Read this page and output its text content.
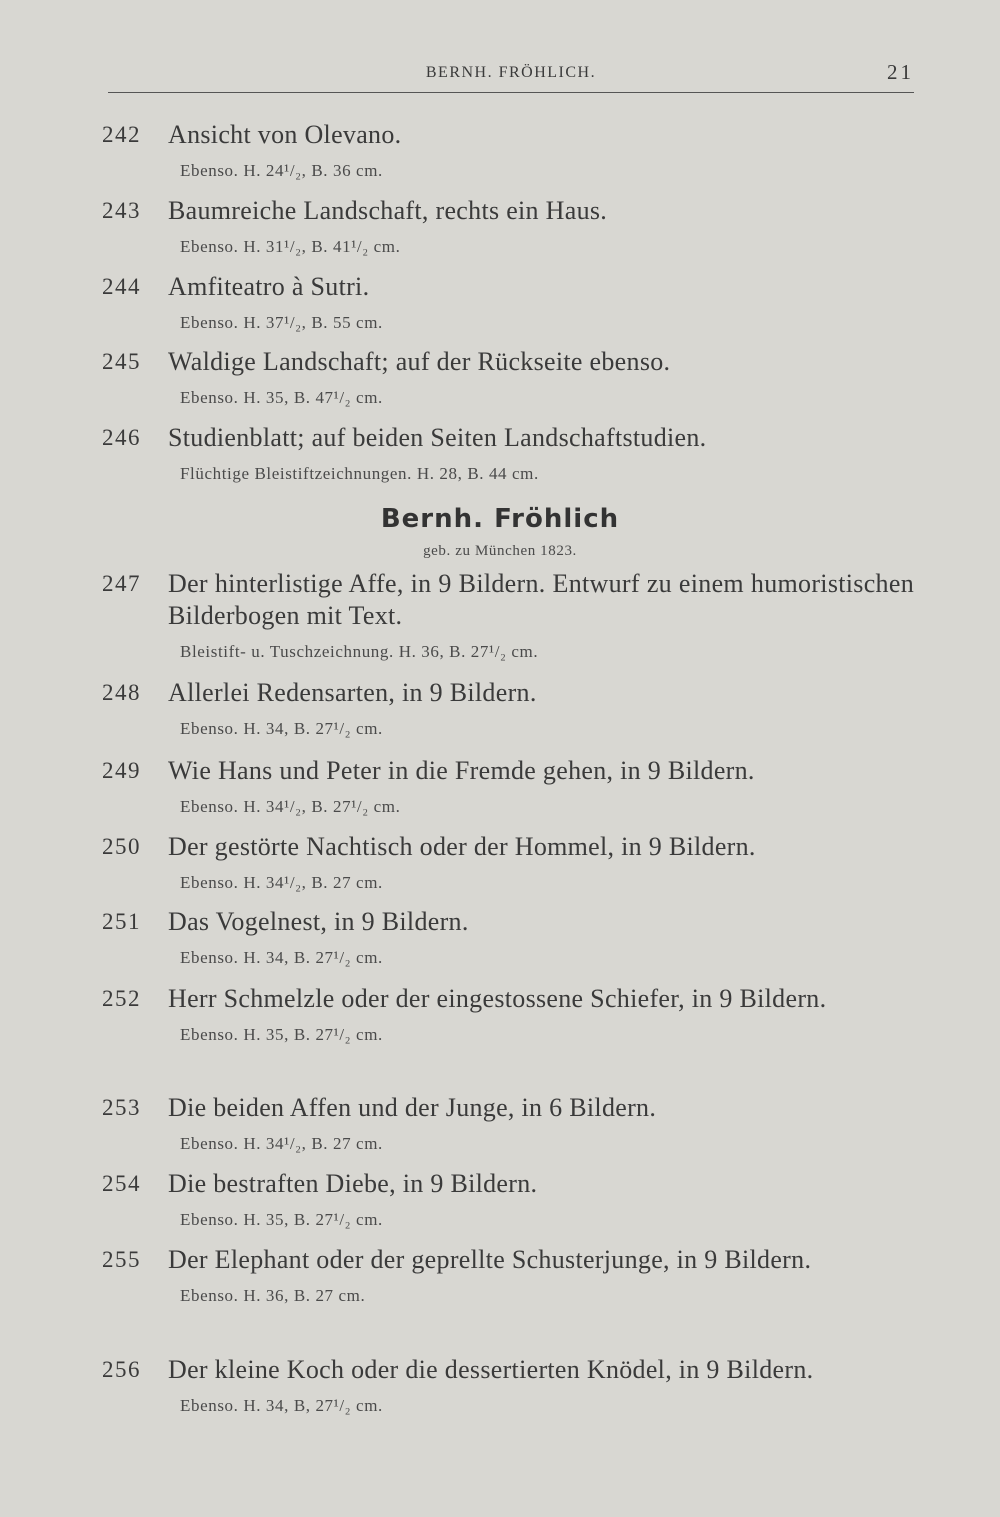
BERNH. FRÖHLICH.	21
242	Ansicht von Olevano.
Ebenso. H. 24¹/₂, B. 36 cm.
243	Baumreiche Landschaft, rechts ein Haus.
Ebenso. H. 31¹/₂, B. 41¹/₂ cm.
244	Amfiteatro à Sutri.
Ebenso. H. 37¹/₂, B. 55 cm.
245	Waldige Landschaft; auf der Rückseite ebenso.
Ebenso. H. 35, B. 47¹/₂ cm.
246	Studienblatt; auf beiden Seiten Landschaftstudien.
Flüchtige Bleistiftzeichnungen. H. 28, B. 44 cm.
Bernh. Fröhlich
geb. zu München 1823.
247	Der hinterlistige Affe, in 9 Bildern. Entwurf zu einem humoristischen Bilderbogen mit Text.
Bleistift- u. Tuschzeichnung. H. 36, B. 27¹/₂ cm.
248	Allerlei Redensarten, in 9 Bildern.
Ebenso. H. 34, B. 27¹/₂ cm.
249	Wie Hans und Peter in die Fremde gehen, in 9 Bildern.
Ebenso. H. 34¹/₂, B. 27¹/₂ cm.
250	Der gestörte Nachtisch oder der Hommel, in 9 Bildern.
Ebenso. H. 34¹/₂, B. 27 cm.
251	Das Vogelnest, in 9 Bildern.
Ebenso. H. 34, B. 27¹/₂ cm.
252	Herr Schmelzle oder der eingestossene Schiefer, in 9 Bildern.
Ebenso. H. 35, B. 27¹/₂ cm.
253	Die beiden Affen und der Junge, in 6 Bildern.
Ebenso. H. 34¹/₂, B. 27 cm.
254	Die bestraften Diebe, in 9 Bildern.
Ebenso. H. 35, B. 27¹/₂ cm.
255	Der Elephant oder der geprellte Schusterjunge, in 9 Bildern.
Ebenso. H. 36, B. 27 cm.
256	Der kleine Koch oder die dessertierten Knödel, in 9 Bildern.
Ebenso. H. 34, B, 27¹/₂ cm.
